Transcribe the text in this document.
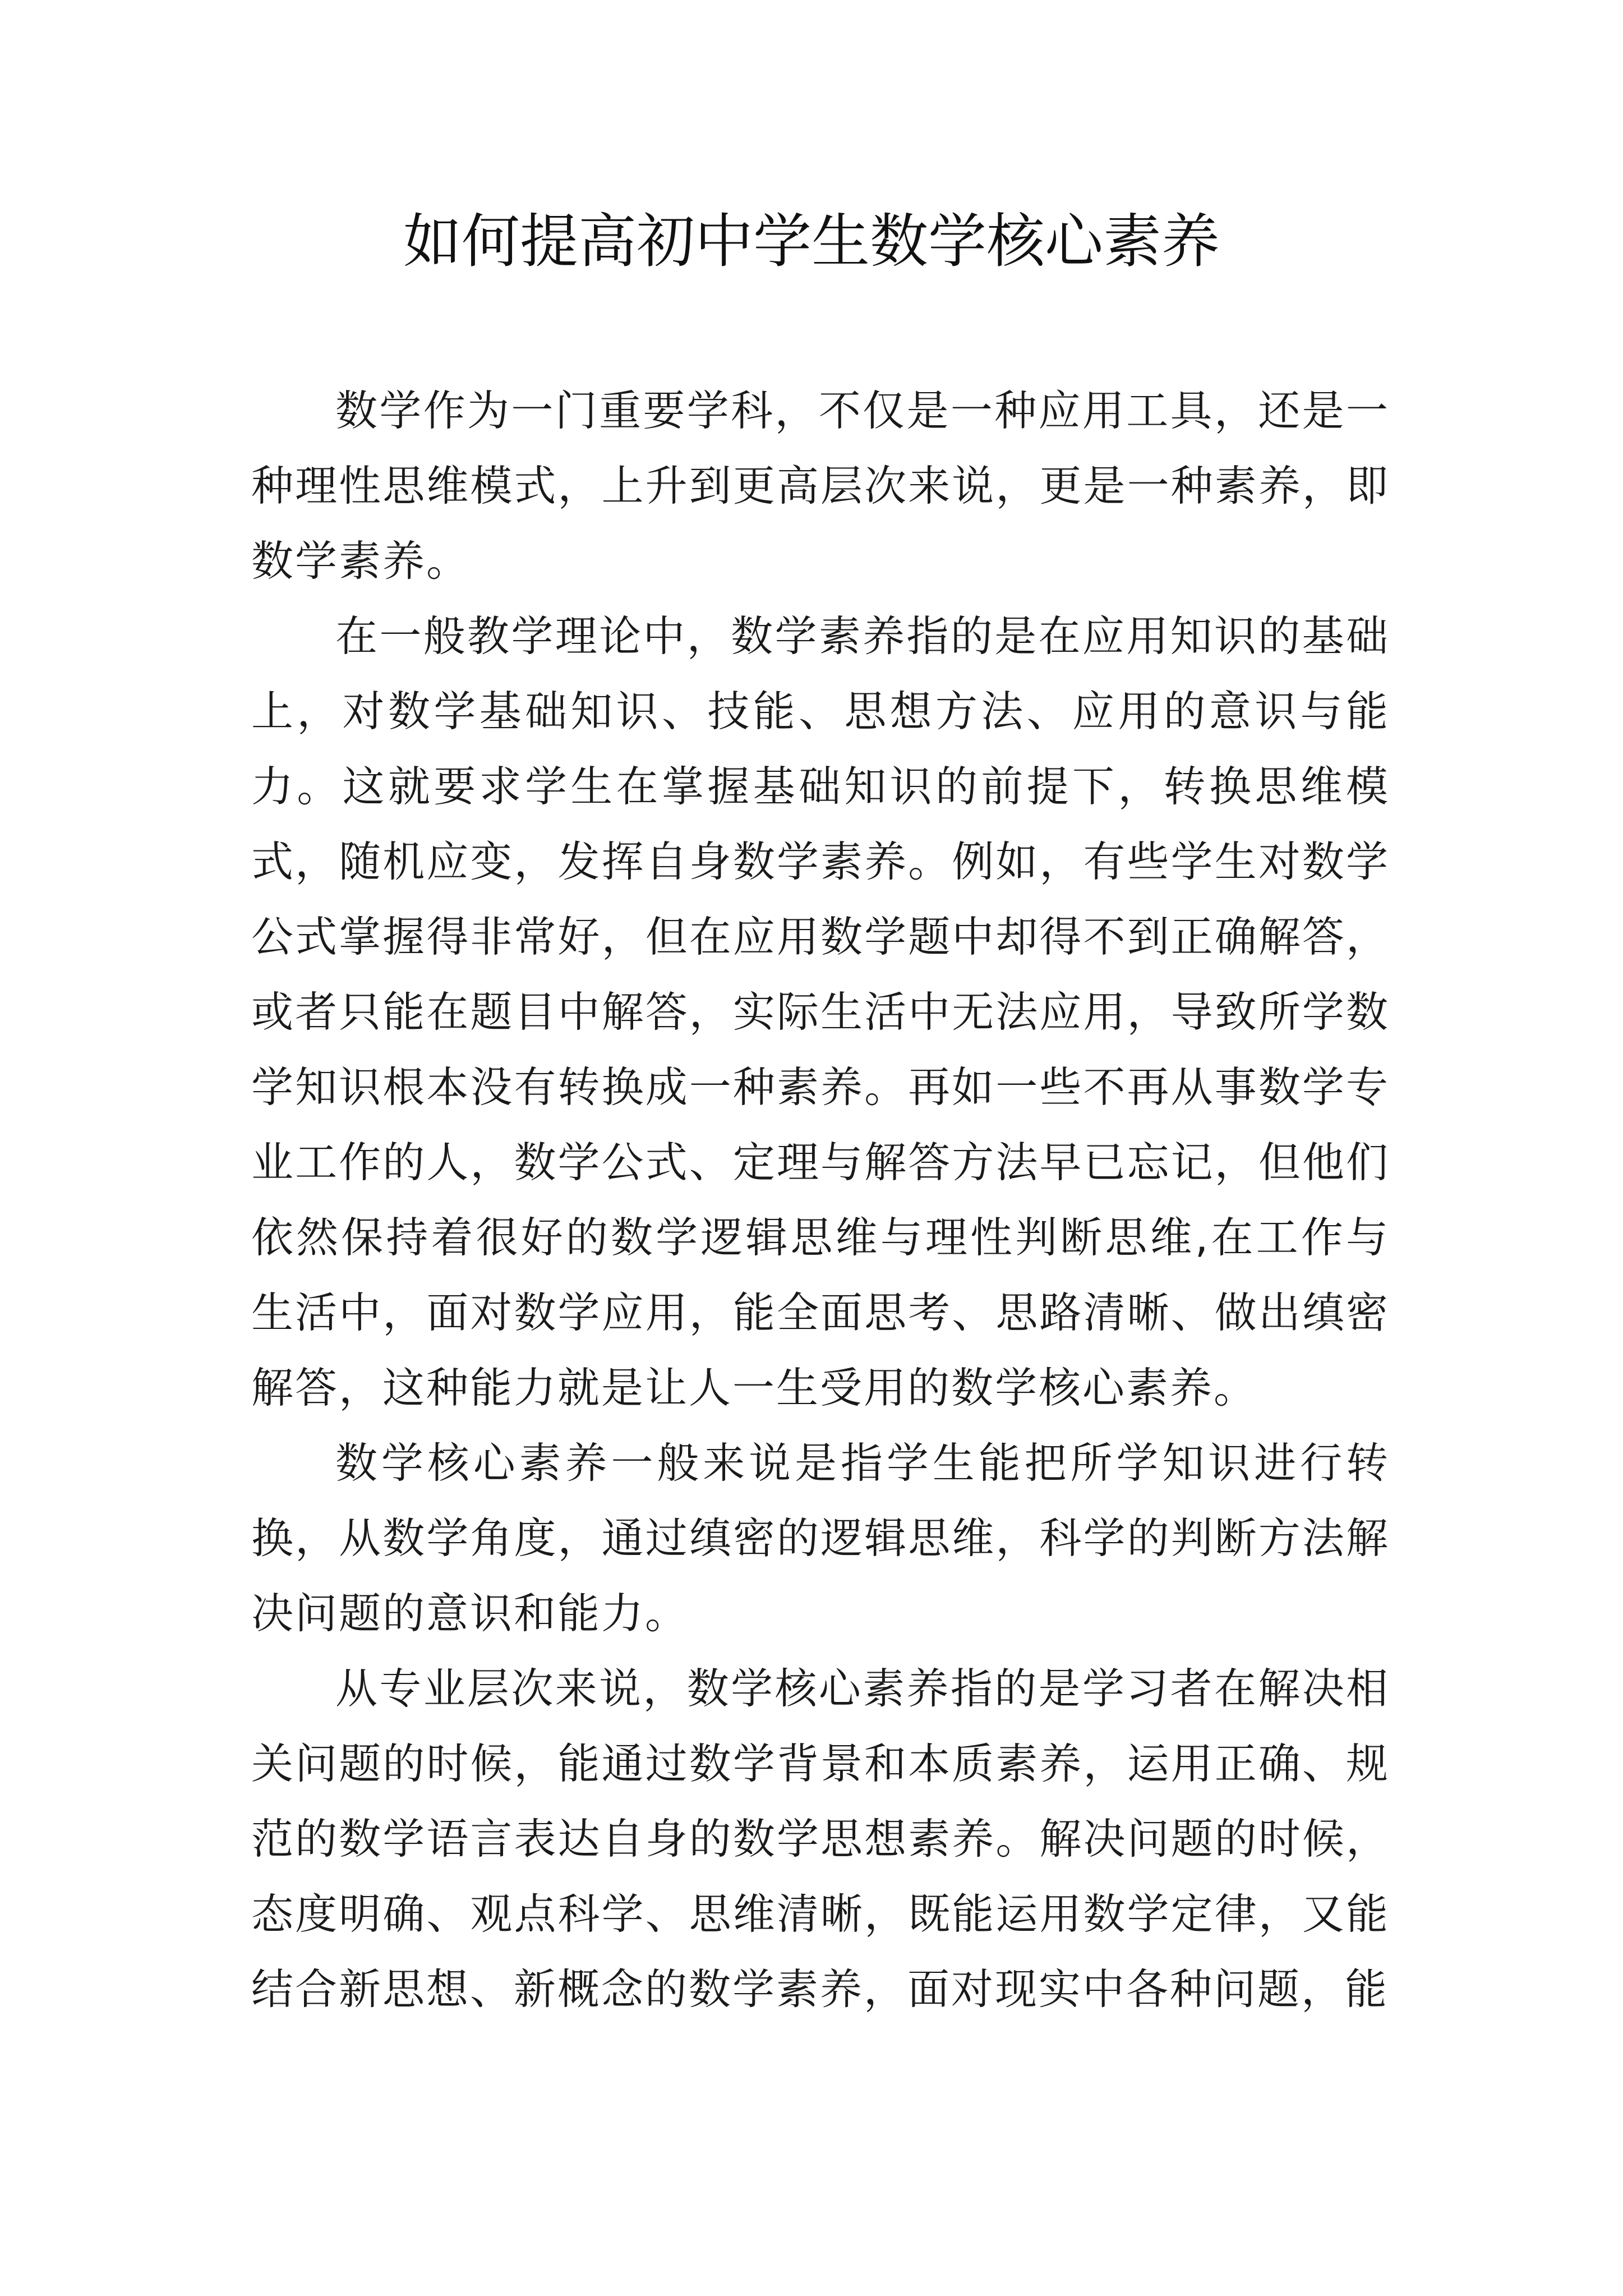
如何提高初中学生数学核心素养

数学作为一门重要学科，不仅是一种应用工具，还是一种理性思维模式，上升到更高层次来说，更是一种素养，即数学素养。

在一般教学理论中，数学素养指的是在应用知识的基础上，对数学基础知识、技能、思想方法、应用的意识与能力。这就要求学生在掌握基础知识的前提下，转换思维模式，随机应变，发挥自身数学素养。例如，有些学生对数学公式掌握得非常好，但在应用数学题中却得不到正确解答，或者只能在题目中解答，实际生活中无法应用，导致所学数学知识根本没有转换成一种素养。再如一些不再从事数学专业工作的人，数学公式、定理与解答方法早已忘记，但他们依然保持着很好的数学逻辑思维与理性判断思维,在工作与生活中，面对数学应用，能全面思考、思路清晰、做出缜密解答，这种能力就是让人一生受用的数学核心素养。

数学核心素养一般来说是指学生能把所学知识进行转换，从数学角度，通过缜密的逻辑思维，科学的判断方法解决问题的意识和能力。

从专业层次来说，数学核心素养指的是学习者在解决相关问题的时候，能通过数学背景和本质素养，运用正确、规范的数学语言表达自身的数学思想素养。解决问题的时候，态度明确、观点科学、思维清晰，既能运用数学定律，又能结合新思想、新概念的数学素养，面对现实中各种问题，能
